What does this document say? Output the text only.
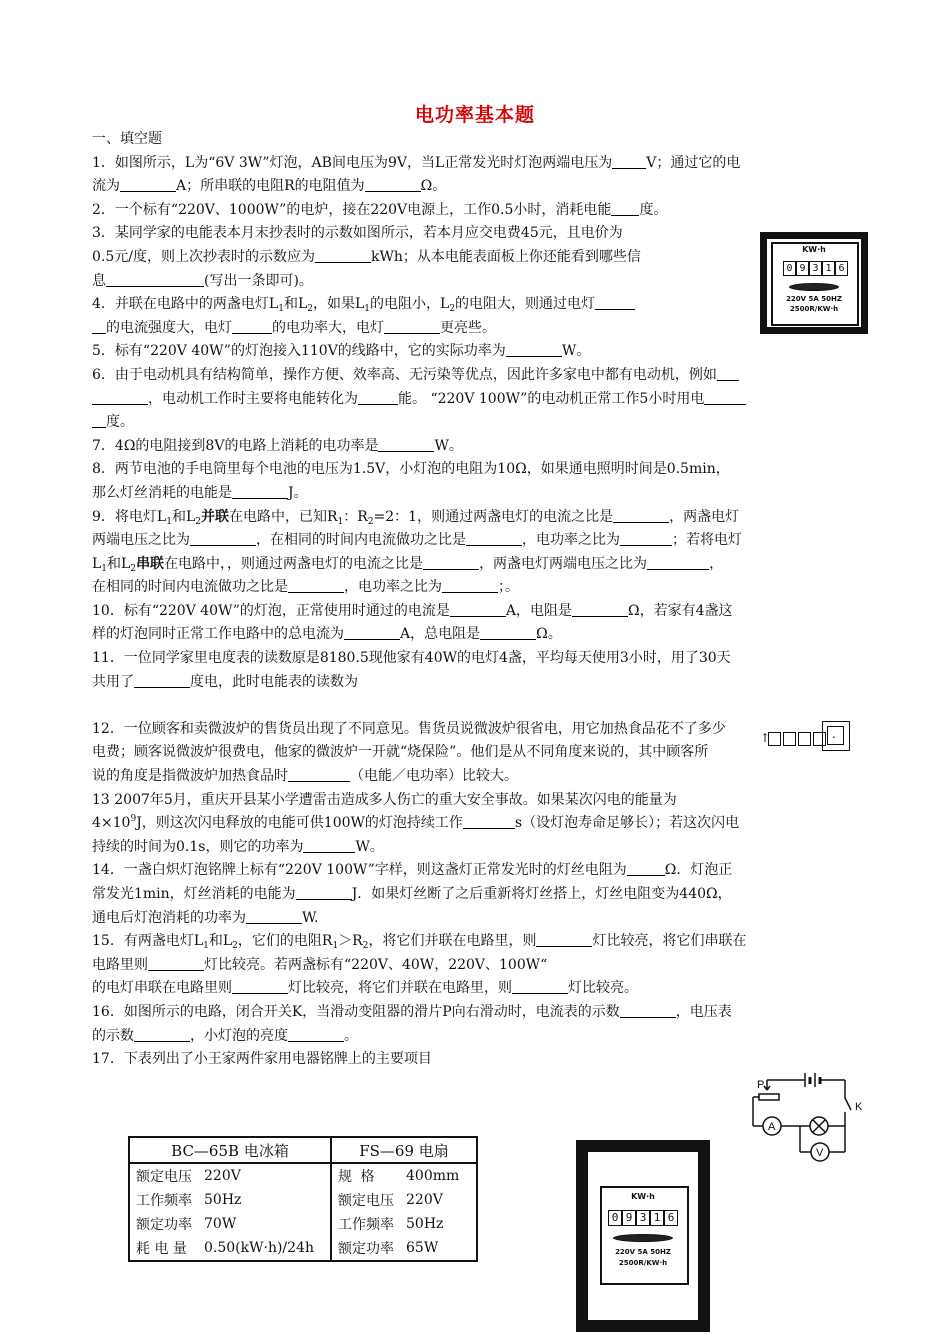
电功率基本题
一、填空题
1．如图所示，L为“6V 3W”灯泡，AB间电压为9V，当L正常发光时灯泡两端电压为 V；通过它的电
流为	A；所串联的电阻R的电阻值为	Ω。
2．一个标有“220V、1000W”的电炉，接在220V电源上，工作0.5小时，消耗电能 度。
3．某同学家的电能表本月末抄表时的示数如图所示，若本月应交电费45元，且电价为
0.5元/度，则上次抄表时的示数应为	kWh；从本电能表面板上你还能看到哪些信
息	(写出一条即可)。
4．并联在电路中的两盏电灯$L_1$和$L_2$，如果$L_1$的电阻小，$L_2$的电阻大，则通过电灯
的电流强度大，电灯	的电功率大，电灯	更亮些。
5．标有“220V 40W”的灯泡接入110V的线路中，它的实际功率为	W。
6．由于电动机具有结构简单，操作方便、效率高、无污染等优点，因此许多家电中都有电动机，例如
，电动机工作时主要将电能转化为	能。 “220V 100W”的电动机正常工作5小时用电
度。
7．4Ω的电阻接到8V的电路上消耗的电功率是	W。
8．两节电池的手电筒里每个电池的电压为1.5V，小灯泡的电阻为10Ω，如果通电照明时间是0.5min，
那么灯丝消耗的电能是	J。
9．将电灯$L_1$和$L_2$并联在电路中，已知$R_1$：$R_2=2$：1，则通过两盏电灯的电流之比是	，两盏电灯
两端电压之比为	，在相同的时间内电流做功之比是	，电功率之比为	；若将电灯
$L_1$和$L_2$串联在电路中，，则通过两盏电灯的电流之比是	，两盏电灯两端电压之比为	，
在相同的时间内电流做功之比是	，电功率之比为	；。
10．标有“220V 40W”的灯泡，正常使用时通过的电流是	A，电阻是	Ω，若家有4盏这
样的灯泡同时正常工作电路中的总电流为	A，总电阻是	Ω。
11．一位同学家里电度表的读数原是8180.5现他家有40W的电灯4盏，平均每天使用3小时，用了30天
共用了	度电，此时电能表的读数为
12．一位顾客和卖微波炉的售货员出现了不同意见。售货员说微波炉很省电，用它加热食品花不了多少
电费；顾客说微波炉很费电，他家的微波炉一开就“烧保险”。他们是从不同角度来说的，其中顾客所
说的角度是指微波炉加热食品时	（电能／电功率）比较大。
13 2007年5月，重庆开县某小学遭雷击造成多人伤亡的重大安全事故。如果某次闪电的能量为
$4\times 10^9J$，则这次闪电释放的电能可供100W的灯泡持续工作	s（设灯泡寿命足够长）；若这次闪电
持续的时间为0.1s，则它的功率为	W。
14．一盏白炽灯泡铭牌上标有“220V 100W”字样，则这盏灯正常发光时的灯丝电阻为	Ω．灯泡正
常发光1min，灯丝消耗的电能为	J．如果灯丝断了之后重新将灯丝搭上，灯丝电阻变为440Ω，
通电后灯泡消耗的功率为	W.
15．有两盏电灯$L_1$和$L_2$，它们的电阻$R_1>R_2$，将它们并联在电路里，则	灯比较亮，将它们串联在
电路里则	灯比较亮。若两盏标有“220V、40W，220V、100W“
的电灯串联在电路里则	灯比较亮，将它们并联在电路里，则	灯比较亮。
16．如图所示的电路，闭合开关K，当滑动变阻器的滑片P向右滑动时，电流表的示数	，电压表
的示数	，小灯泡的亮度	。
17．下表列出了小王家两件家用电器铭牌上的主要项目
KW·h
0 9 3 1 6
220V 5A 50HZ
2500R/KW·h
↑	.
P
K
A
V
BC—65B 电冰箱		FS—69 电扇	
额定电压	220V	规 格	400mm
工作频率	50Hz	额定电压	220V
额定功率	70W	工作频率	50Hz
耗 电 量	0.50(kW·h)/24h	额定功率	65W
KW·h
0 9 3 1 6
220V 5A 50HZ
2500R/KW·h
